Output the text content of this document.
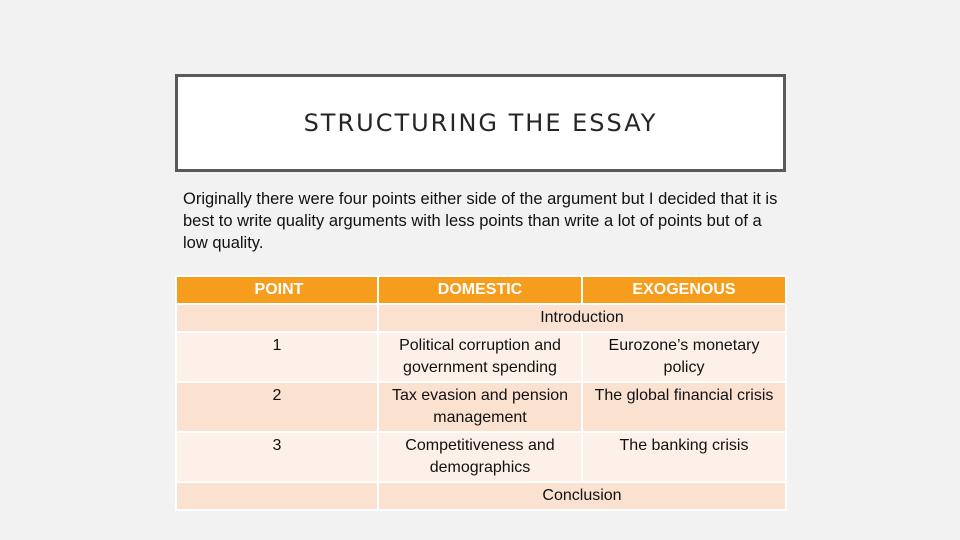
STRUCTURING THE ESSAY
Originally there were four points either side of the argument but I decided that it is best to write quality arguments with less points than write a lot of points but of a low quality.
POINT	DOMESTIC	EXOGENOUS
	Introduction	
1	Political corruption and government spending	Eurozone’s monetary policy
2	Tax evasion and pension management	The global financial crisis
3	Competitiveness and demographics	The banking crisis
	Conclusion	
